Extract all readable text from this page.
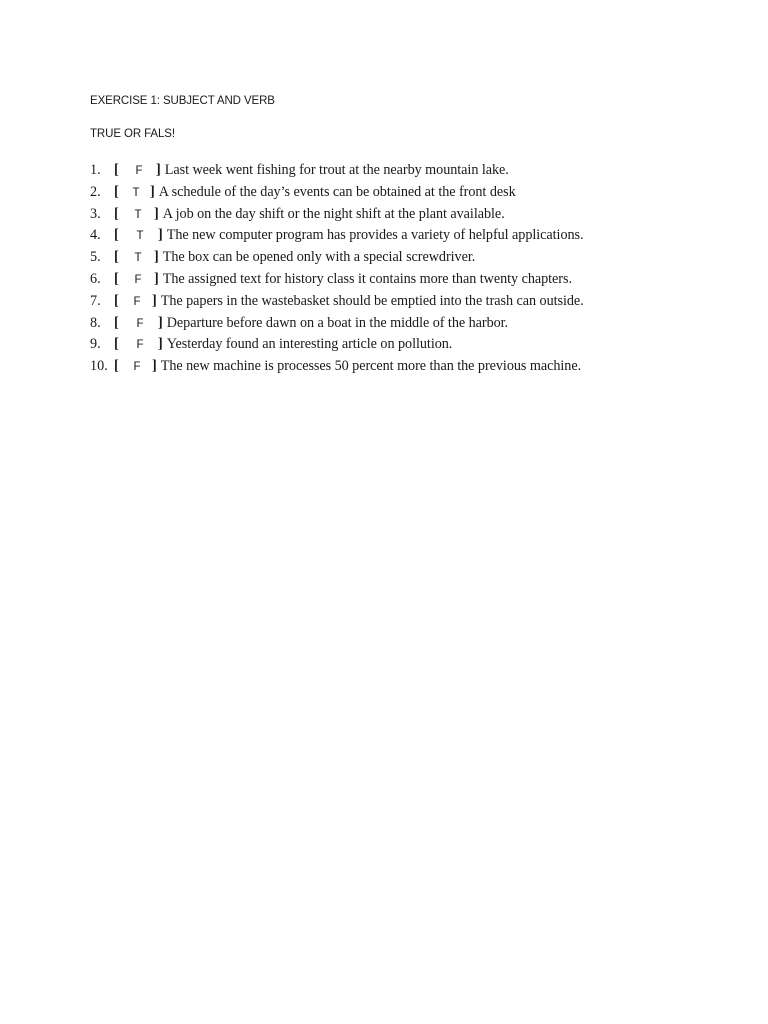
EXERCISE 1: SUBJECT AND VERB
TRUE OR FALS!
1. [	F ] Last week went fishing for trout at the nearby mountain lake.
2. [	T ] A schedule of the day’s events can be obtained at the front desk
3. [	T ] A job on the day shift or the night shift at the plant available.
4. [	T	] The new computer program has provides a variety of helpful applications.
5. [	T ] The box can be opened only with a special screwdriver.
6. [	F ] The assigned text for history class it contains more than twenty chapters.
7. [	F ] The papers in the wastebasket should be emptied into the trash can outside.
8. [	F	] Departure before dawn on a boat in the middle of the harbor.
9. [	F	] Yesterday found an interesting article on pollution.
10. [	F ] The new machine is processes 50 percent more than the previous machine.
